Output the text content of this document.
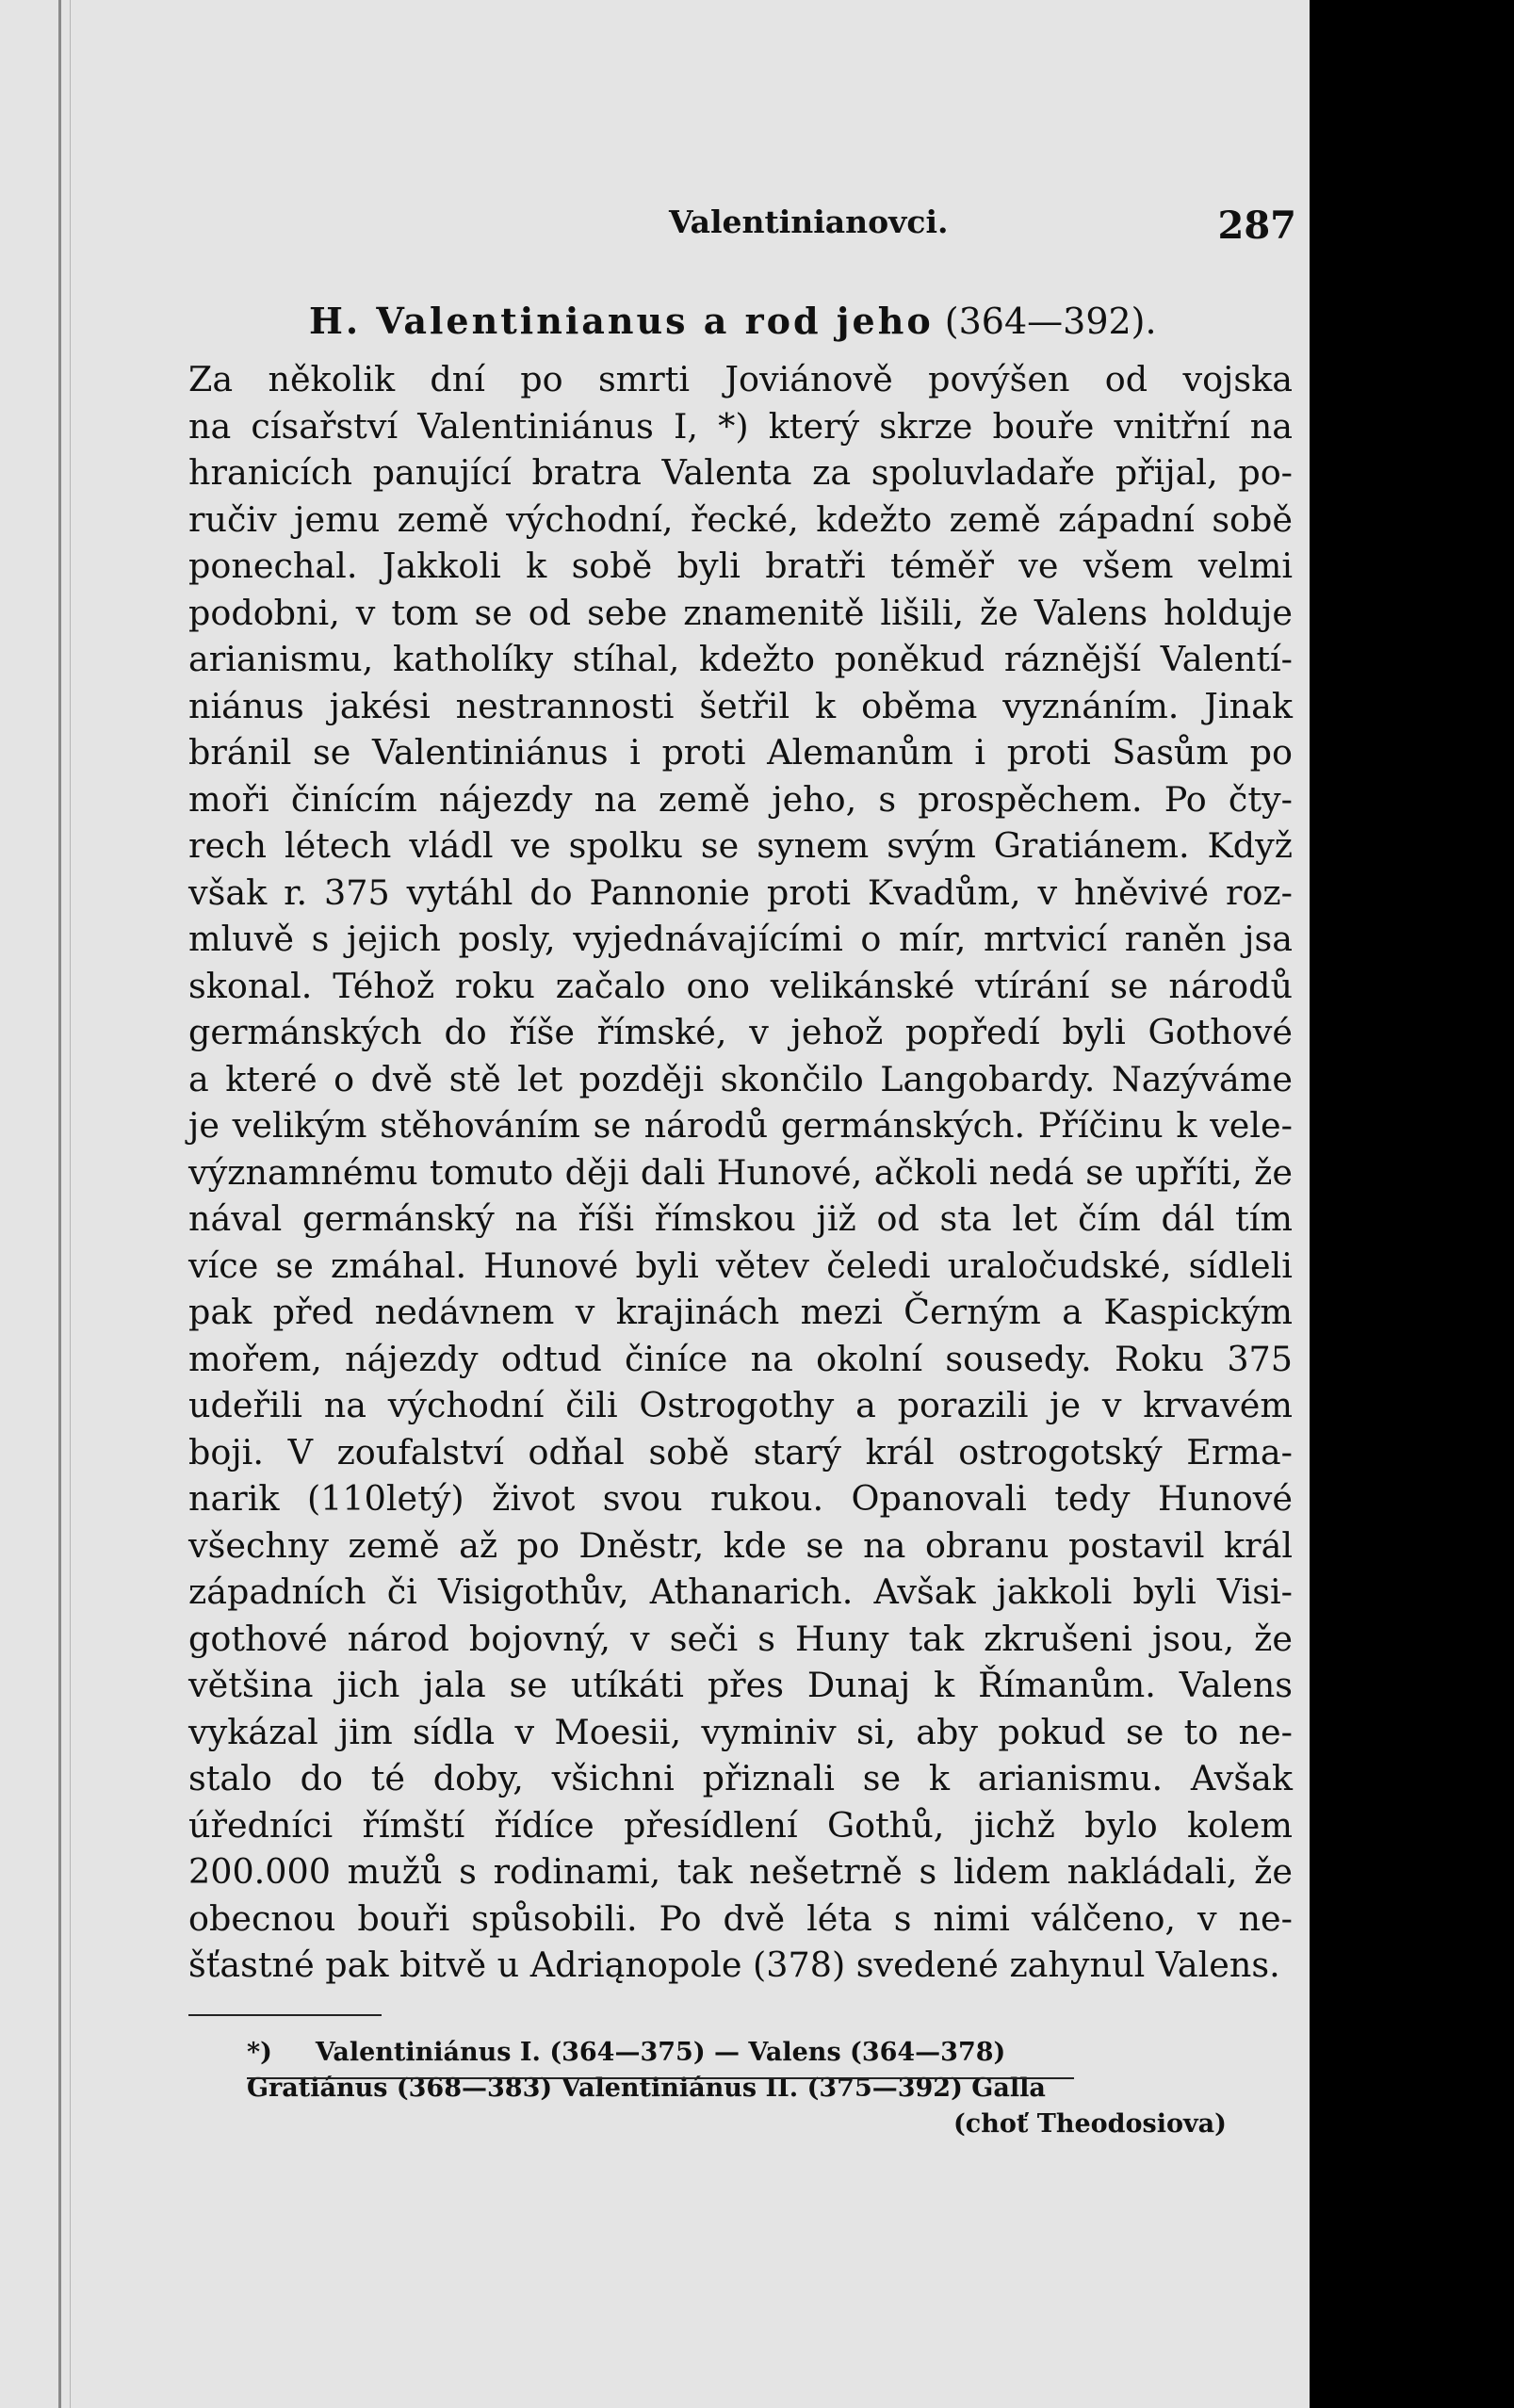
Valentinianovci.	287
H. Valentinianus a rod jeho (364—392).
Za několik dní po smrti Joviánově povýšen od vojska
na císařství Valentiniánus I, *) který skrze bouře vnitřní na
hranicích panující bratra Valenta za spoluvladaře přijal, po-
ručiv jemu země východní, řecké, kdežto země západní sobě
ponechal. Jakkoli k sobě byli bratři téměř ve všem velmi
podobni, v tom se od sebe znamenitě lišili, že Valens holduje
arianismu, katholíky stíhal, kdežto poněkud ráznější Valentí-
niánus jakési nestrannosti šetřil k oběma vyznáním. Jinak
bránil se Valentiniánus i proti Alemanům i proti Sasům po
moři činícím nájezdy na země jeho, s prospěchem. Po čty-
rech létech vládl ve spolku se synem svým Gratiánem. Když
však r. 375 vytáhl do Pannonie proti Kvadům, v hněvivé roz-
mluvě s jejich posly, vyjednávajícími o mír, mrtvicí raněn jsa
skonal. Téhož roku začalo ono velikánské vtírání se národů
germánských do říše římské, v jehož popředí byli Gothové
a které o dvě stě let později skončilo Langobardy. Nazýváme
je velikým stěhováním se národů germánských. Příčinu k vele-
významnému tomuto ději dali Hunové, ačkoli nedá se upříti, že
nával germánský na říši římskou již od sta let čím dál tím
více se zmáhal. Hunové byli větev čeledi uraločudské, sídleli
pak před nedávnem v krajinách mezi Černým a Kaspickým
mořem, nájezdy odtud činíce na okolní sousedy. Roku 375
udeřili na východní čili Ostrogothy a porazili je v krvavém
boji. V zoufalství odňal sobě starý král ostrogotský Erma-
narik (110letý) život svou rukou. Opanovali tedy Hunové
všechny země až po Dněstr, kde se na obranu postavil král
západních či Visigothův, Athanarich. Avšak jakkoli byli Visi-
gothové národ bojovný, v seči s Huny tak zkrušeni jsou, že
většina jich jala se utíkáti přes Dunaj k Římanům. Valens
vykázal jim sídla v Moesii, vyminiv si, aby pokud se to ne-
stalo do té doby, všichni přiznali se k arianismu. Avšak
úředníci římští řídíce přesídlení Gothů, jichž bylo kolem
200.000 mužů s rodinami, tak nešetrně s lidem nakládali, že
obecnou bouři spůsobili. Po dvě léta s nimi válčeno, v ne-
šťastné pak bitvě u Adriąnopole (378) svedené zahynul Valens.
*) Valentiniánus I. (364—375) — Valens (364—378)
Gratiánus (368—383) Valentiniánus II. (375—392) Galla
(choť Theodosiova)
